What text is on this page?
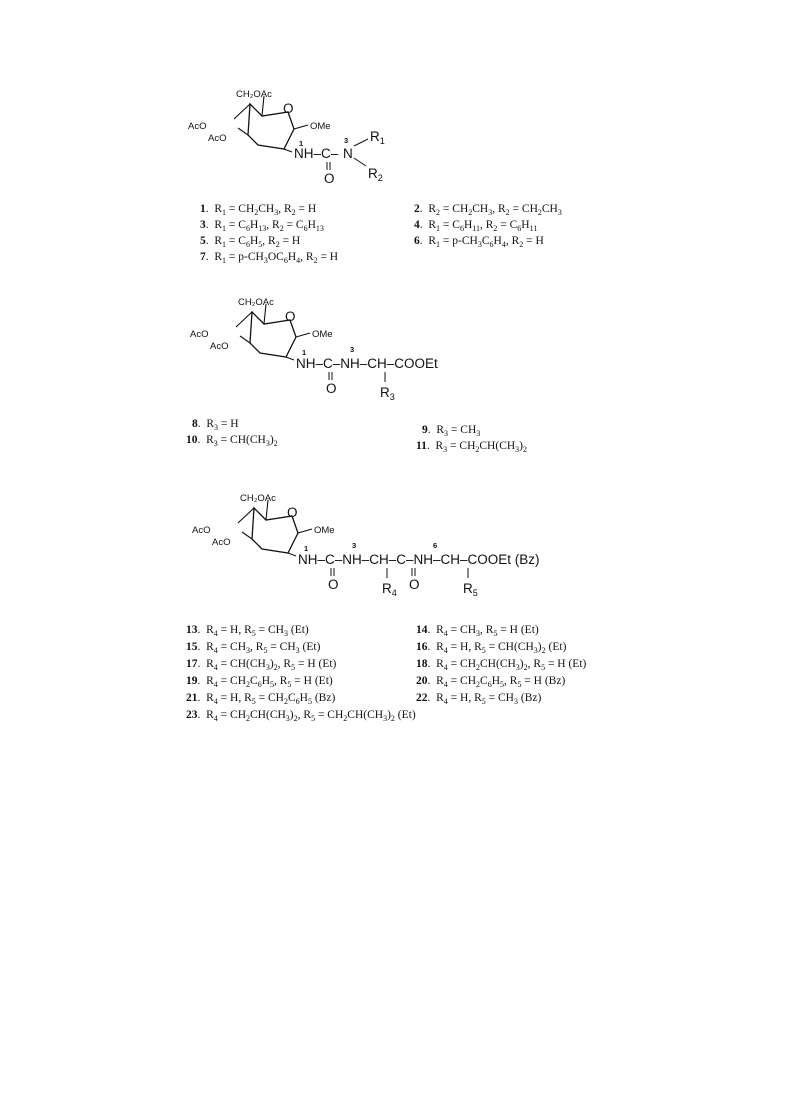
CH₂OAc
AcO
AcO
O
OMe
1
NH–C–
3
N
O
$R_1$
$R_2$
CH₂OAc
AcO
AcO
O
OMe
1	3
NH–C–NH–CH–COOEt
O	$R_3$
CH₂OAc
AcO
AcO
O
OMe
1	3	6
NH–C–NH–CH–C–NH–CH–COOEt (Bz)
O	$R_4$
O	$R_5$
1.  $R_1 = CH_2CH_3$, $R_2 = H$	2.  $R_2 = CH_2CH_3$, $R_2 = CH_2CH_3$
3.  $R_1 = C_6H_{13}$, $R_2 = C_6H_{13}$	4.  $R_1 = C_6H_{11}$, $R_2 = C_6H_{11}$
5.  $R_1 = C_6H_5$, $R_2 = H$	6.  $R_1 = p-CH_3C_6H_4$, $R_2 = H$
7.  $R_1 = p-CH_3OC_6H_4$, $R_2 = H$
8.  $R_3 = H$	9.  $R_3 = CH_3$
10.  $R_3 = CH(CH_3)_2$	11.  $R_3 = CH_2CH(CH_3)_2$
13.  $R_4 = H$, $R_5 = CH_3$ (Et)	14.  $R_4 = CH_3$, $R_5 = H$ (Et)
15.  $R_4 = CH_3$, $R_5 = CH_3$ (Et)	16.  $R_4 = H$, $R_5 = CH(CH_3)_2$ (Et)
17.  $R_4 = CH(CH_3)_2$, $R_5 = H$ (Et)	18.  $R_4 = CH_2CH(CH_3)_2$, $R_5 = H$ (Et)
19.  $R_4 = CH_2C_6H_5$, $R_5 = H$ (Et)	20.  $R_4 = CH_2C_6H_5$, $R_5 = H$ (Bz)
21.  $R_4 = H$, $R_5 = CH_2C_6H_5$ (Bz)	22.  $R_4 = H$, $R_5 = CH_3$ (Bz)
23.  $R_4 = CH_2CH(CH_3)_2$, $R_5 = CH_2CH(CH_3)_2$ (Et)
